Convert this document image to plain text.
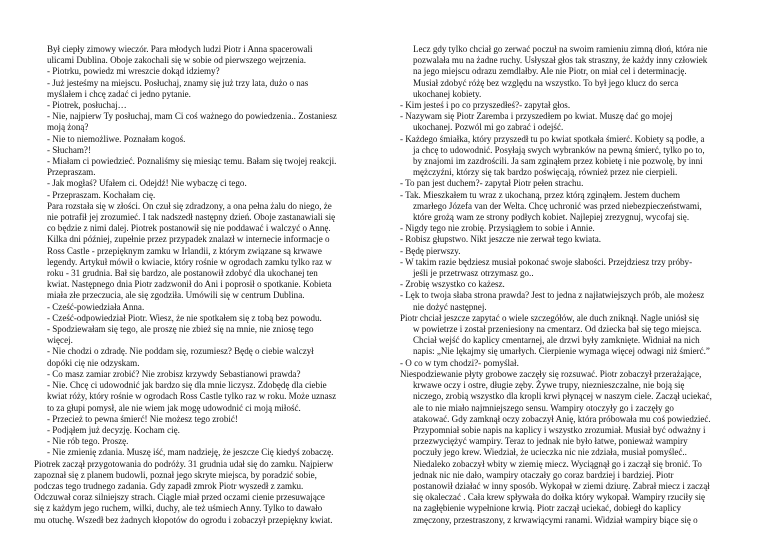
Był ciepły zimowy wieczór. Para młodych ludzi Piotr i Anna spacerowali
ulicami Dublina. Oboje zakochali się w sobie od pierwszego wejrzenia.
- Piotrku, powiedz mi wreszcie dokąd idziemy?
- Już jesteśmy na miejscu. Posłuchaj, znamy się już trzy lata, dużo o nas
myślałem i chcę zadać ci jedno pytanie.
- Piotrek, posłuchaj…
- Nie, najpierw Ty posłuchaj, mam Ci coś ważnego do powiedzenia.. Zostaniesz
moją żoną?
- Nie to niemożliwe. Poznałam kogoś.
- Słucham?!
- Miałam ci powiedzieć. Poznaliśmy się miesiąc temu. Bałam się twojej reakcji.
Przepraszam.
- Jak mogłaś? Ufałem ci. Odejdź! Nie wybaczę ci tego.
- Przepraszam. Kochałam cię.
Para rozstała się w złości. On czuł się zdradzony, a ona pełna żalu do niego, że
nie potrafił jej zrozumieć. I tak nadszedł następny dzień. Oboje zastanawiali się
co będzie z nimi dalej. Piotrek postanowił się nie poddawać i walczyć o Annę.
Kilka dni później, zupełnie przez przypadek znalazł w internecie informacje o
Ross Castle - przepięknym zamku w Irlandii, z którym związane są krwawe
legendy. Artykuł mówił o kwiacie, który rośnie w ogrodach zamku tylko raz w
roku - 31 grudnia. Bał się bardzo, ale postanowił zdobyć dla ukochanej ten
kwiat. Następnego dnia Piotr zadzwonił do Ani i poprosił o spotkanie. Kobieta
miała złe przeczucia, ale się zgodziła. Umówili się w centrum Dublina.
- Cześć-powiedziała Anna.
- Cześć-odpowiedział Piotr. Wiesz, że nie spotkałem się z tobą bez powodu.
- Spodziewałam się tego, ale proszę nie zbież się na mnie, nie zniosę tego
więcej.
- Nie chodzi o zdradę. Nie poddam się, rozumiesz? Będę o ciebie walczył
dopóki cię nie odzyskam.
- Co masz zamiar zrobić? Nie zrobisz krzywdy Sebastianowi prawda?
- Nie. Chcę ci udowodnić jak bardzo się dla mnie liczysz. Zdobędę dla ciebie
kwiat róży, który rośnie w ogrodach Ross Castle tylko raz w roku. Może uznasz
to za głupi pomysł, ale nie wiem jak mogę udowodnić ci moją miłość.
- Przecież to pewna śmierć! Nie możesz tego zrobić!
- Podjąłem już decyzję. Kocham cię.
- Nie rób tego. Proszę.
- Nie zmienię zdania. Muszę iść, mam nadzieję, że jeszcze Cię kiedyś zobaczę.
Piotrek zaczął przygotowania do podróży. 31 grudnia udał się do zamku. Najpierw
zapoznał się z planem budowli, poznał jego skryte miejsca, by poradzić sobie,
podczas tego trudnego zadania. Gdy zapadł zmrok Piotr wyszedł z zamku.
Odczuwał coraz silniejszy strach. Ciągle miał przed oczami cienie przesuwające
się z każdym jego ruchem, wilki, duchy, ale też uśmiech Anny. Tylko to dawało
mu otuchę. Wszedł bez żadnych kłopotów do ogrodu i zobaczył przepiękny kwiat.
Lecz gdy tylko chciał go zerwać poczuł na swoim ramieniu zimną dłoń, która nie
pozwalała mu na żadne ruchy. Usłyszał głos tak straszny, że każdy inny człowiek
na jego miejscu odrazu zemdlałby. Ale nie Piotr, on miał cel i determinację.
Musiał zdobyć różę bez względu na wszystko. To był jego klucz do serca
ukochanej kobiety.
- Kim jesteś i po co przyszedłeś?- zapytał głos.
- Nazywam się Piotr Zaremba i przyszedłem po kwiat. Muszę dać go mojej
ukochanej. Pozwól mi go zabrać i odejść.
- Każdego śmiałka, który przyszedł tu po kwiat spotkała śmierć. Kobiety są podłe, a
ja chcę to udowodnić. Posyłają swych wybranków na pewną śmierć, tylko po to,
by znajomi im zazdrościli. Ja sam zginąłem przez kobietę i nie pozwolę, by inni
mężczyźni, którzy się tak bardzo poświęcają, również przez nie cierpieli.
- To pan jest duchem?- zapytał Piotr pełen strachu.
- Tak. Mieszkałem tu wraz z ukochaną, przez którą zginąłem. Jestem duchem
zmarłego Józefa van der Welta. Chcę uchronić was przed niebezpieczeństwami,
które grożą wam ze strony podłych kobiet. Najlepiej zrezygnuj, wycofaj się.
- Nigdy tego nie zrobię. Przysiągłem to sobie i Annie.
- Robisz głupstwo. Nikt jeszcze nie zerwał tego kwiata.
- Będę pierwszy.
- W takim razie będziesz musiał pokonać swoje słabości. Przejdziesz trzy próby-
jeśli je przetrwasz otrzymasz go..
- Zrobię wszystko co każesz.
- Lęk to twoja słaba strona prawda? Jest to jedna z najłatwiejszych prób, ale możesz
nie dożyć następnej.
Piotr chciał jeszcze zapytać o wiele szczegółów, ale duch zniknął. Nagle uniósł się
w powietrze i został przeniesiony na cmentarz. Od dziecka bał się tego miejsca.
Chciał wejść do kaplicy cmentarnej, ale drzwi były zamknięte. Widniał na nich
napis: „Nie lękajmy się umarłych. Cierpienie wymaga więcej odwagi niż śmierć.”
- O co w tym chodzi?- pomyślał.
Niespodziewanie płyty grobowe zaczęły się rozsuwać. Piotr zobaczył przerażające,
krwawe oczy i ostre, długie zęby. Żywe trupy, nieznieszczalne, nie boją się
niczego, zrobią wszystko dla kropli krwi płynącej w naszym ciele. Zaczął uciekać,
ale to nie miało najmniejszego sensu. Wampiry otoczyły go i zaczęły go
atakować. Gdy zamknął oczy zobaczył Anię, która próbowała mu coś powiedzieć.
Przypomniał sobie napis na kaplicy i wszystko zrozumiał. Musiał być odważny i
przezwyciężyć wampiry. Teraz to jednak nie było łatwe, ponieważ wampiry
poczuły jego krew. Wiedział, że ucieczka nic nie zdziała, musiał pomyśleć..
Niedaleko zobaczył wbity w ziemię miecz. Wyciągnął go i zaczął się bronić. To
jednak nic nie dało, wampiry otaczały go coraz bardziej i bardziej. Piotr
postanowił działać w inny sposób. Wykopał w ziemi dziurę. Zabrał miecz i zaczął
się okaleczać . Cała krew spływała do dołka który wykopał. Wampiry rzuciły się
na zagłębienie wypełnione krwią. Piotr zaczął uciekać, dobiegł do kaplicy
zmęczony, przestraszony, z krwawiącymi ranami. Widział wampiry biące się o
